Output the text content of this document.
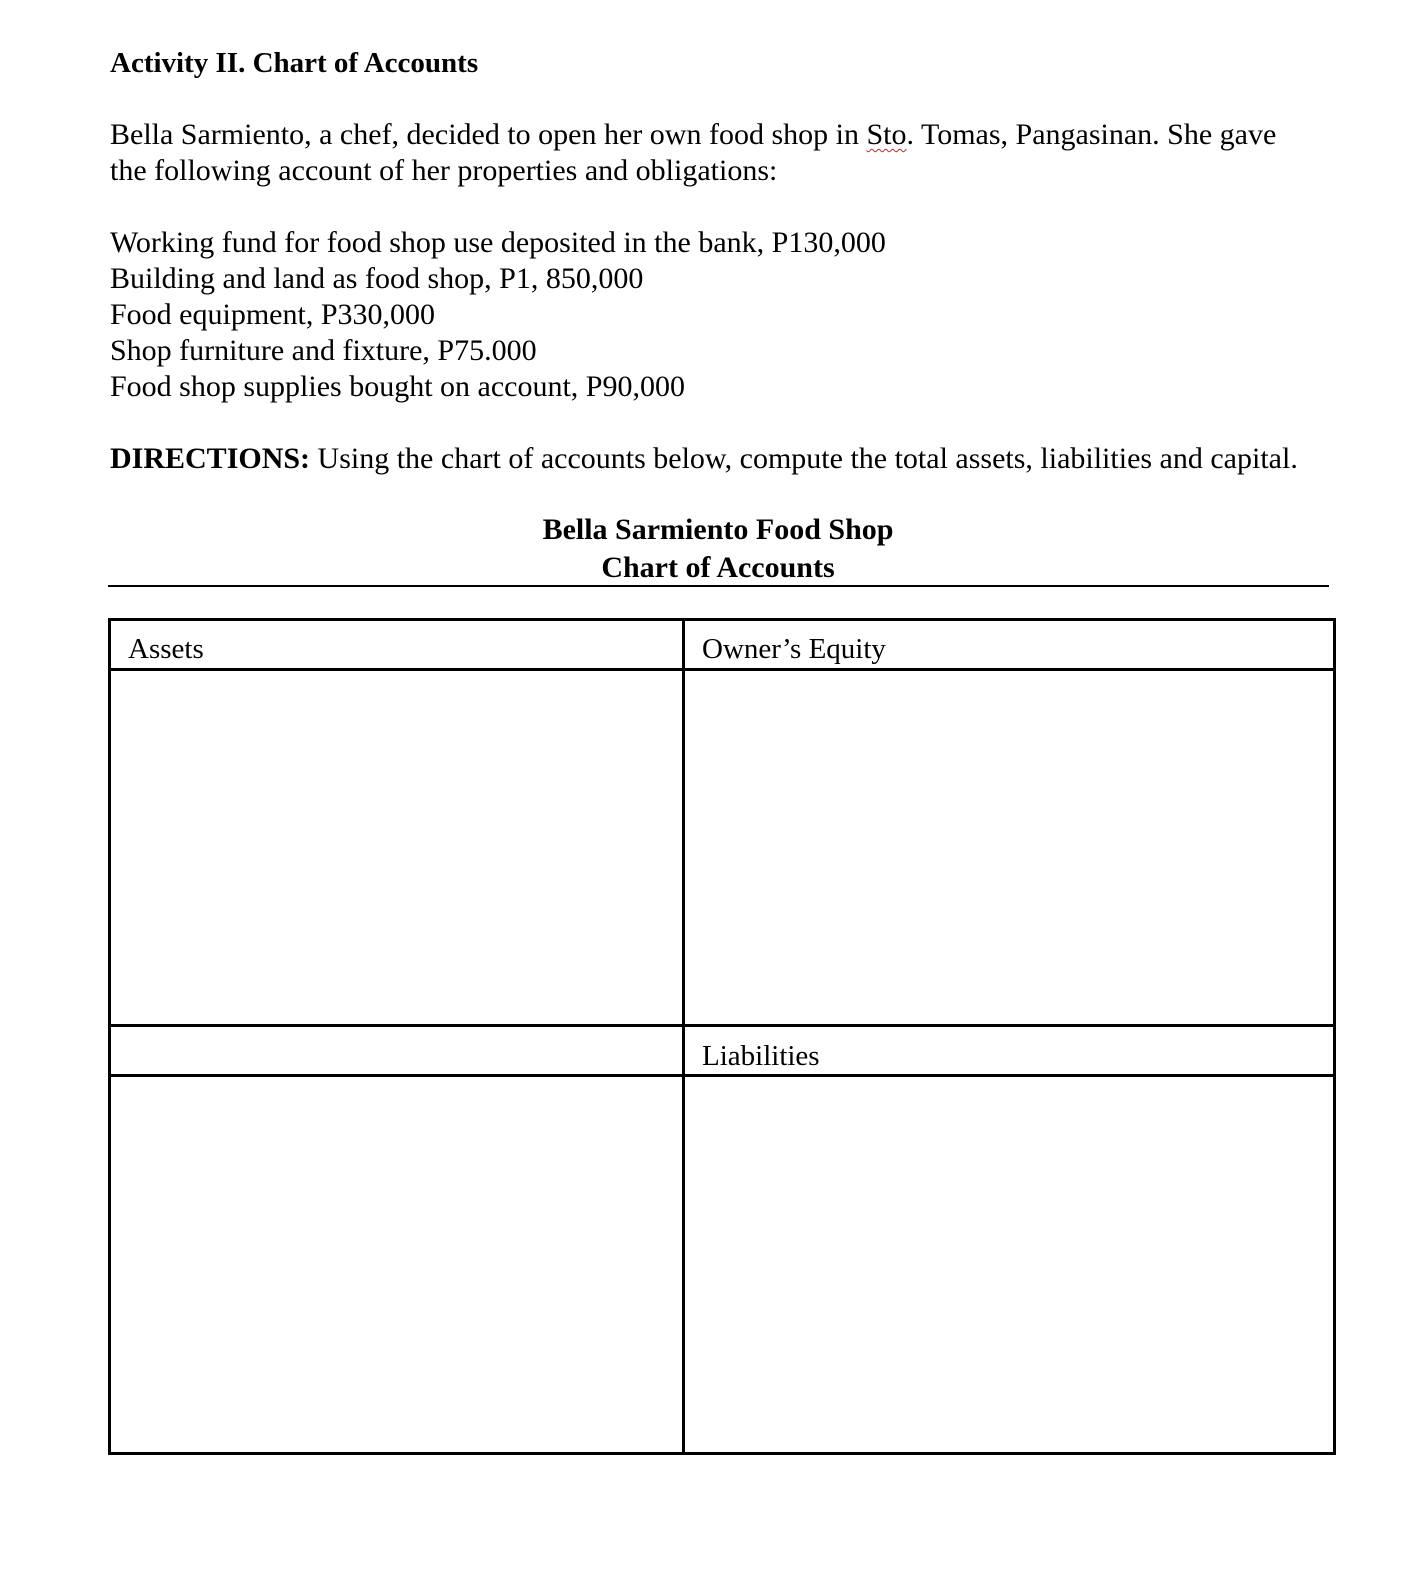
Activity II. Chart of Accounts
Bella Sarmiento, a chef, decided to open her own food shop in Sto. Tomas, Pangasinan. She gave
the following account of her properties and obligations:
Working fund for food shop use deposited in the bank, P130,000
Building and land as food shop, P1, 850,000
Food equipment, P330,000
Shop furniture and fixture, P75.000
Food shop supplies bought on account, P90,000
DIRECTIONS: Using the chart of accounts below, compute the total assets, liabilities and capital.
Bella Sarmiento Food Shop
Chart of Accounts
Assets	Owner’s Equity
Liabilities
